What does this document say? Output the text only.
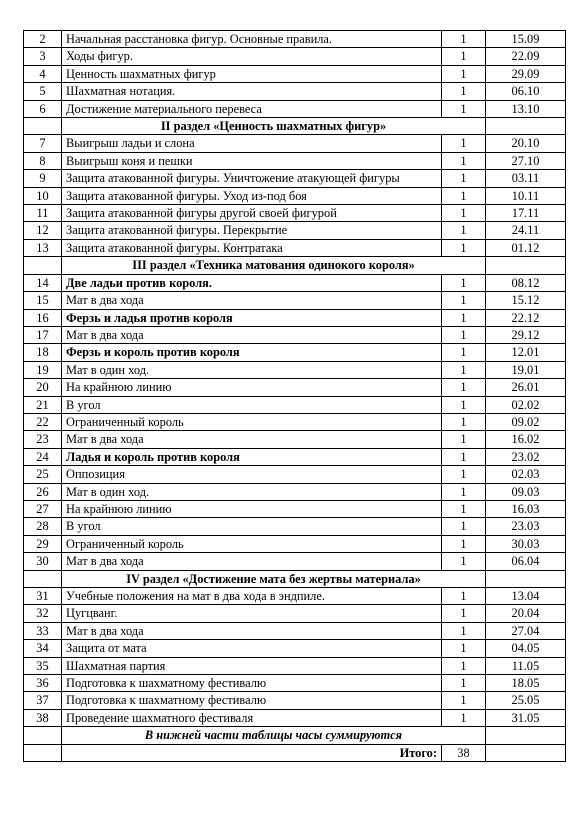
2	Начальная расстановка фигур. Основные правила.	1	15.09
3	Ходы фигур.	1	22.09
4	Ценность шахматных фигур	1	29.09
5	Шахматная нотация.	1	06.10
6	Достижение материального перевеса	1	13.10
	II раздел «Ценность шахматных фигур»		
7	Выигрыш ладьи и слона	1	20.10
8	Выигрыш коня и пешки	1	27.10
9	Защита атакованной фигуры. Уничтожение атакующей фигуры	1	03.11
10	Защита атакованной фигуры. Уход из-под боя	1	10.11
11	Защита атакованной фигуры другой своей фигурой	1	17.11
12	Защита атакованной фигуры. Перекрытие	1	24.11
13	Защита атакованной фигуры. Контратака	1	01.12
	III раздел «Техника матования одинокого короля»		
14	Две ладьи против короля.	1	08.12
15	Мат в два хода	1	15.12
16	Ферзь и ладья против короля	1	22.12
17	Мат в два хода	1	29.12
18	Ферзь и король против короля	1	12.01
19	Мат в один ход.	1	19.01
20	На крайнюю линию	1	26.01
21	В угол	1	02.02
22	Ограниченный король	1	09.02
23	Мат в два хода	1	16.02
24	Ладья и король против короля	1	23.02
25	Оппозиция	1	02.03
26	Мат в один ход.	1	09.03
27	На крайнюю линию	1	16.03
28	В угол	1	23.03
29	Ограниченный король	1	30.03
30	Мат в два хода	1	06.04
	IV раздел «Достижение мата без жертвы материала»		
31	Учебные положения на мат в два хода в эндпиле.	1	13.04
32	Цугцванг.	1	20.04
33	Мат в два хода	1	27.04
34	Защита от мата	1	04.05
35	Шахматная партия	1	11.05
36	Подготовка к шахматному фестивалю	1	18.05
37	Подготовка к шахматному фестивалю	1	25.05
38	Проведение шахматного фестиваля	1	31.05
	В нижней части таблицы часы суммируются		
	Итого:	38	
